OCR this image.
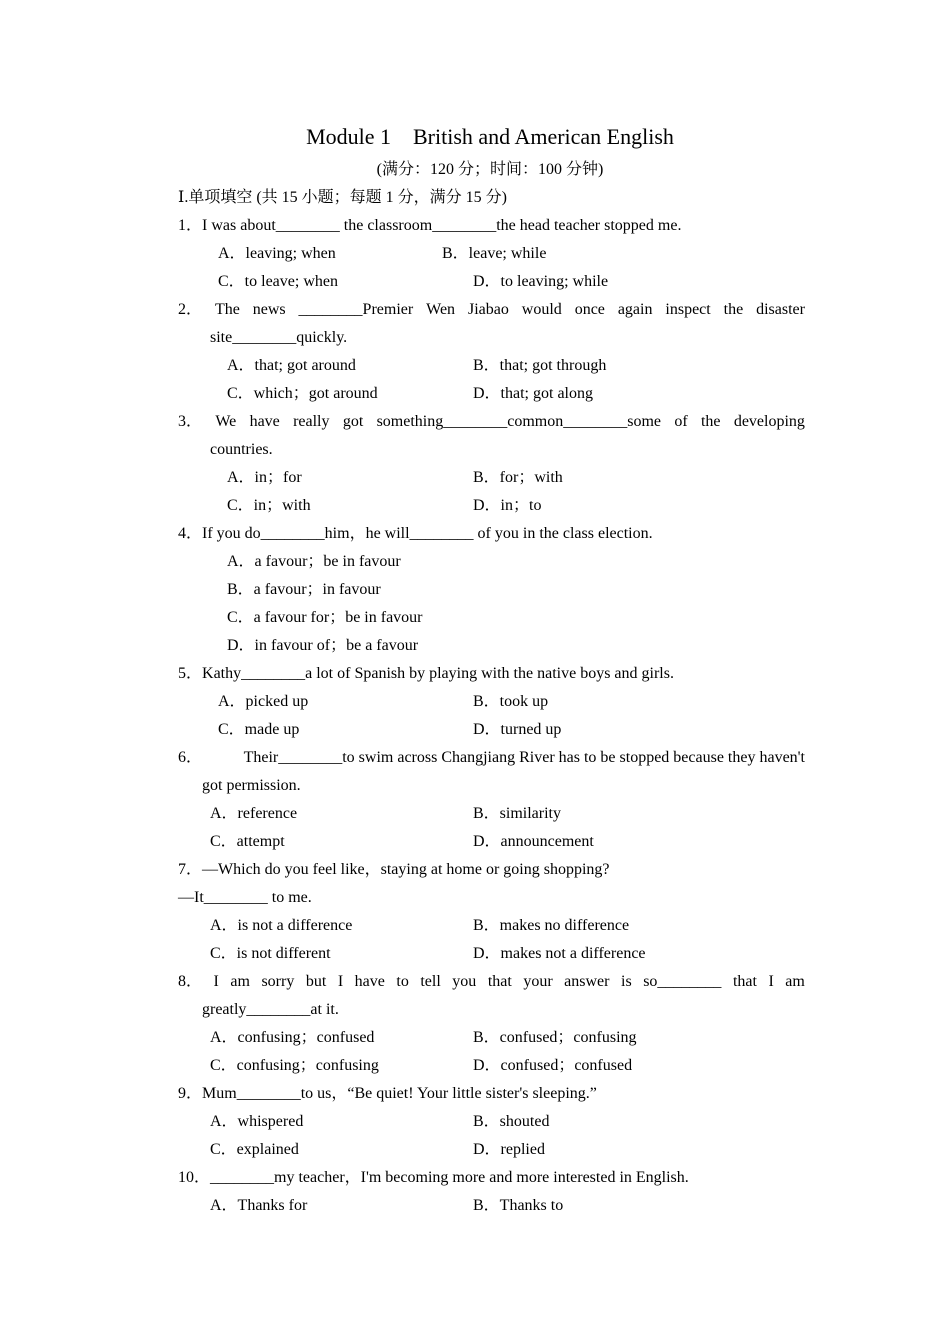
Module 1    British and American English
(满分：120 分；时间：100 分钟)
Ⅰ.单项填空 (共 15 小题；每题 1 分，满分 15 分)
1．I was about________ the classroom________the head teacher stopped me.
A．leaving; when	B．leave; while
C．to leave; when	D．to leaving; while
2． The news ________Premier Wen Jiabao would once again inspect the disaster
site________quickly.
A．that; got around	B．that; got through
C．which；got around	D．that; got along
3． We have really got something________common________some of the developing
countries.
A．in；for	B．for；with
C．in；with	D．in；to
4．If you do________him，he will________ of you in the class election.
A．a favour；be in favour
B．a favour；in favour
C．a favour for；be in favour
D．in favour of；be a favour
5．Kathy________a lot of Spanish by playing with the native boys and girls.
A．picked up	B．took up
C．made up	D．turned up
6．	Their________to swim across Changjiang River has to be stopped because they haven't
got permission.
A．reference	B．similarity
C．attempt	D．announcement
7．—Which do you feel like，staying at home or going shopping?
—It________ to me.
A．is not a difference	B．makes no difference
C．is not different	D．makes not a difference
8． I am sorry but I have to tell you that your answer is so________ that I am
greatly________at it.
A．confusing；confused	B．confused；confusing
C．confusing；confusing	D．confused；confused
9．Mum________to us，“Be quiet! Your little sister's sleeping.”
A．whispered	B．shouted
C．explained	D．replied
10．________my teacher，I'm becoming more and more interested in English.
A．Thanks for	B．Thanks to
